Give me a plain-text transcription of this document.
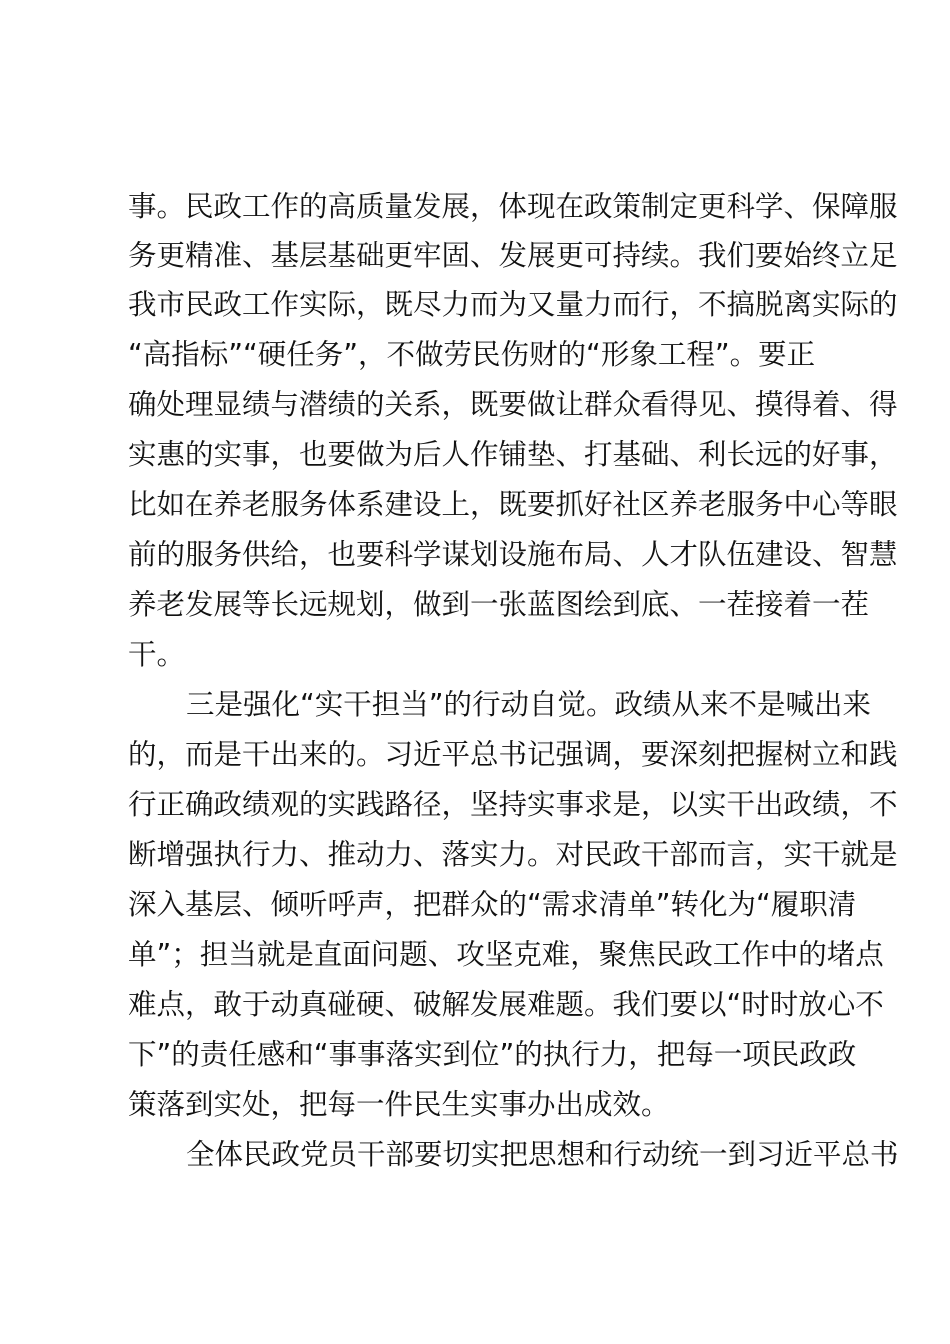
事。民政工作的高质量发展，体现在政策制定更科学、保障服
务更精准、基层基础更牢固、发展更可持续。我们要始终立足
我市民政工作实际，既尽力而为又量力而行，不搞脱离实际的
“高指标”“硬任务”，不做劳民伤财的“形象工程”。要正
确处理显绩与潜绩的关系，既要做让群众看得见、摸得着、得
实惠的实事，也要做为后人作铺垫、打基础、利长远的好事，
比如在养老服务体系建设上，既要抓好社区养老服务中心等眼
前的服务供给，也要科学谋划设施布局、人才队伍建设、智慧
养老发展等长远规划，做到一张蓝图绘到底、一茬接着一茬
干。
三是强化“实干担当”的行动自觉。政绩从来不是喊出来
的，而是干出来的。习近平总书记强调，要深刻把握树立和践
行正确政绩观的实践路径，坚持实事求是，以实干出政绩，不
断增强执行力、推动力、落实力。对民政干部而言，实干就是
深入基层、倾听呼声，把群众的“需求清单”转化为“履职清
单”；担当就是直面问题、攻坚克难，聚焦民政工作中的堵点
难点，敢于动真碰硬、破解发展难题。我们要以“时时放心不
下”的责任感和“事事落实到位”的执行力，把每一项民政政
策落到实处，把每一件民生实事办出成效。
全体民政党员干部要切实把思想和行动统一到习近平总书
